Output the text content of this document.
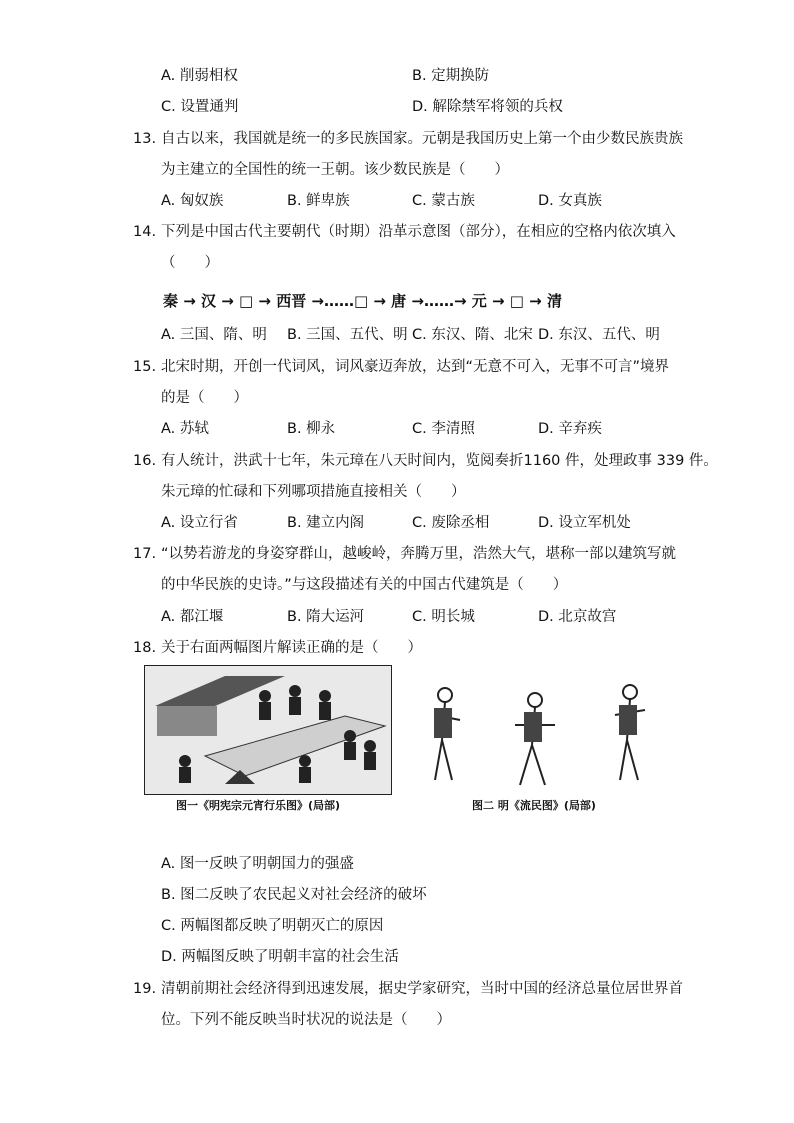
A. 削弱相权	B. 定期换防
C. 设置通判	D. 解除禁军将领的兵权
13. 自古以来，我国就是统一的多民族国家。元朝是我国历史上第一个由少数民族贵族
为主建立的全国性的统一王朝。该少数民族是（　　）
A. 匈奴族	B. 鲜卑族	C. 蒙古族	D. 女真族
14. 下列是中国古代主要朝代（时期）沿革示意图（部分），在相应的空格内依次填入
（　　）
秦 → 汉 → □ → 西晋 →……□ → 唐 →……→ 元 → □ → 清
A. 三国、隋、明 B. 三国、五代、明 C. 东汉、隋、北宋 D. 东汉、五代、明
15. 北宋时期，开创一代词风，词风豪迈奔放，达到“无意不可入，无事不可言”境界
的是（　　）
A. 苏轼	B. 柳永	C. 李清照	D. 辛弃疾
16. 有人统计，洪武十七年，朱元璋在八天时间内，览阅奏折1160 件，处理政事 339 件。
朱元璋的忙碌和下列哪项措施直接相关（　　）
A. 设立行省	B. 建立内阁	C. 废除丞相	D. 设立军机处
17. “以势若游龙的身姿穿群山，越峻岭，奔腾万里，浩然大气，堪称一部以建筑写就
的中华民族的史诗。”与这段描述有关的中国古代建筑是（　　）
A. 都江堰	B. 隋大运河	C. 明长城	D. 北京故宫
18. 关于右面两幅图片解读正确的是（　　）
图一《明宪宗元宵行乐图》(局部)	图二 明《流民图》(局部)
A. 图一反映了明朝国力的强盛
B. 图二反映了农民起义对社会经济的破坏
C. 两幅图都反映了明朝灭亡的原因
D. 两幅图反映了明朝丰富的社会生活
19. 清朝前期社会经济得到迅速发展，据史学家研究，当时中国的经济总量位居世界首
位。下列不能反映当时状况的说法是（　　）
